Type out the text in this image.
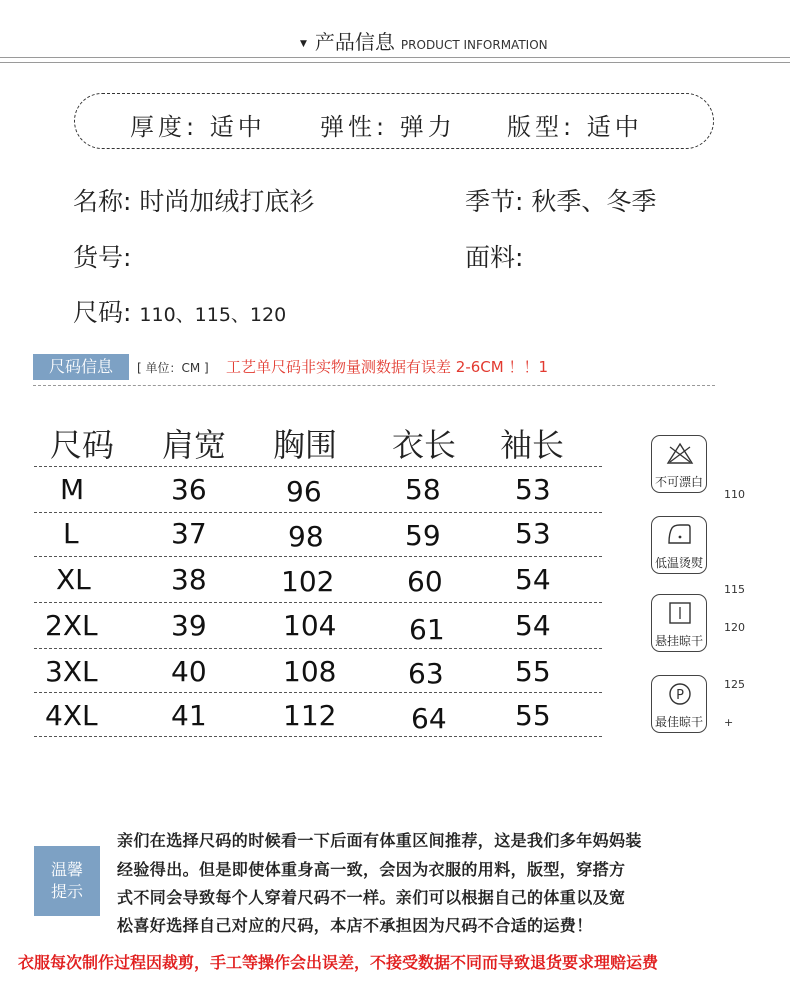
▼ 产品信息 PRODUCT INFORMATION
厚度: 适中 弹性: 弹力 版型: 适中
名称: 时尚加绒打底衫	季节: 秋季、冬季
货号:	面料:
尺码: 110、115、120
尺码信息	[ 单位：CM ] 工艺单尺码非实物量测数据有误差 2-6CM ！！1
尺码 肩宽 胸围 衣长 袖长
M	36	96	58	53
L	37	98	59	53
XL	38	102	60	54
2XL	39	104	61	54
3XL	40	108	63	55
4XL	41	112	64 55
不可漂白
低温烫熨
悬挂晾干
P
最佳晾干
110
115
120
125
+
温馨
提示
亲们在选择尺码的时候看一下后面有体重区间推荐，这是我们多年妈妈装
经验得出。但是即使体重身高一致，会因为衣服的用料，版型，穿搭方
式不同会导致每个人穿着尺码不一样。亲们可以根据自己的体重以及宽
松喜好选择自己对应的尺码，本店不承担因为尺码不合适的运费！
衣服每次制作过程因裁剪，手工等操作会出误差，不接受数据不同而导致退货要求理赔运费
